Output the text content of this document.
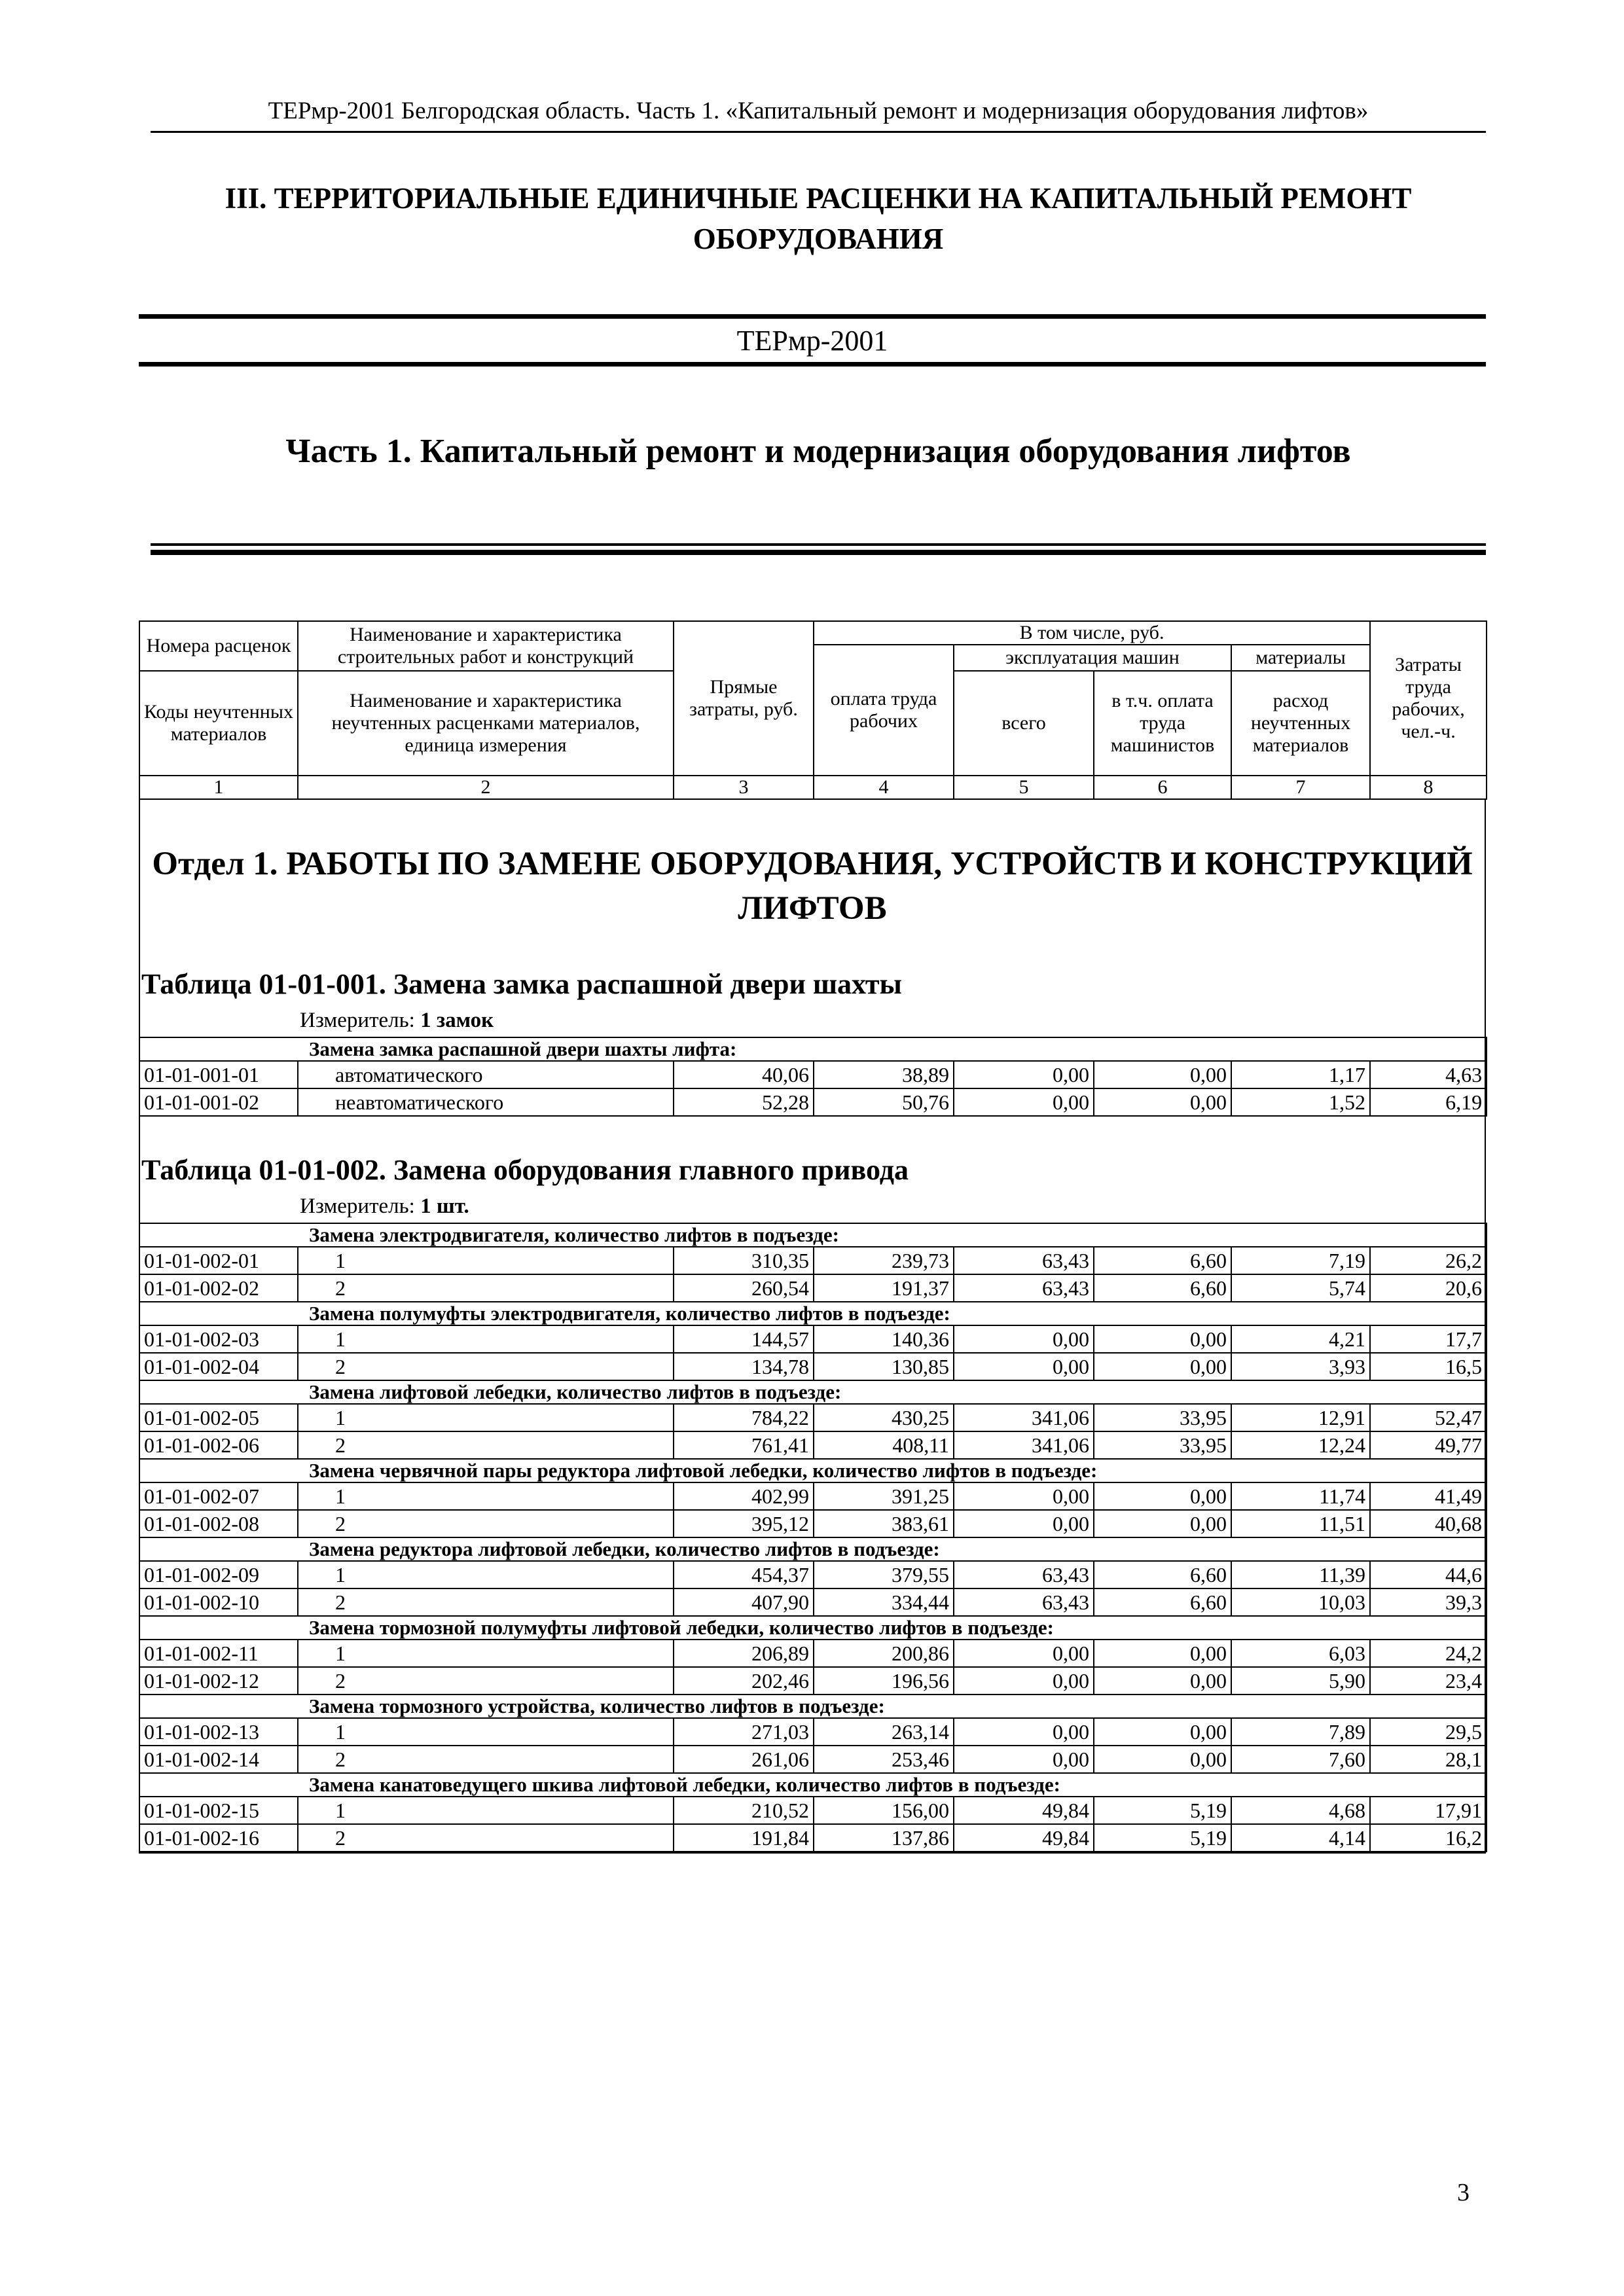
ТЕРмр-2001 Белгородская область. Часть 1. «Капитальный ремонт и модернизация оборудования лифтов»
III. ТЕРРИТОРИАЛЬНЫЕ ЕДИНИЧНЫЕ РАСЦЕНКИ НА КАПИТАЛЬНЫЙ РЕМОНТ ОБОРУДОВАНИЯ
ТЕРмр-2001
Часть 1. Капитальный ремонт и модернизация оборудования лифтов
Номера расценок	Наименование и характеристика строительных работ и конструкций	Прямые затраты, руб.	В том числе, руб.				Затраты труда рабочих, чел.-ч.
			оплата труда рабочих	эксплуатация машин		материалы	
Коды неучтенных материалов	Наименование и характеристика неучтенных расценками материалов, единица измерения			всего	в т.ч. оплата труда машинистов	расход неучтенных материалов	

1	2	3	4	5	6	7	8
Отдел 1. РАБОТЫ ПО ЗАМЕНЕ ОБОРУДОВАНИЯ, УСТРОЙСТВ И КОНСТРУКЦИЙ ЛИФТОВ
Таблица 01-01-001. Замена замка распашной двери шахты
Измеритель: 1 замок
Замена замка распашной двери шахты лифта:							
01-01-001-01	автоматического	40,06	38,89	0,00	0,00	1,17	4,63
01-01-001-02	неавтоматического	52,28	50,76	0,00	0,00	1,52	6,19
Таблица 01-01-002. Замена оборудования главного привода
Измеритель: 1 шт.
Замена электродвигателя, количество лифтов в подъезде:							
01-01-002-01	1	310,35	239,73	63,43	6,60	7,19	26,2
01-01-002-02	2	260,54	191,37	63,43	6,60	5,74	20,6
Замена полумуфты электродвигателя, количество лифтов в подъезде:							
01-01-002-03	1	144,57	140,36	0,00	0,00	4,21	17,7
01-01-002-04	2	134,78	130,85	0,00	0,00	3,93	16,5
Замена лифтовой лебедки, количество лифтов в подъезде:							
01-01-002-05	1	784,22	430,25	341,06	33,95	12,91	52,47
01-01-002-06	2	761,41	408,11	341,06	33,95	12,24	49,77
Замена червячной пары редуктора лифтовой лебедки, количество лифтов в подъезде:							
01-01-002-07	1	402,99	391,25	0,00	0,00	11,74	41,49
01-01-002-08	2	395,12	383,61	0,00	0,00	11,51	40,68
Замена редуктора лифтовой лебедки, количество лифтов в подъезде:							
01-01-002-09	1	454,37	379,55	63,43	6,60	11,39	44,6
01-01-002-10	2	407,90	334,44	63,43	6,60	10,03	39,3
Замена тормозной полумуфты лифтовой лебедки, количество лифтов в подъезде:							
01-01-002-11	1	206,89	200,86	0,00	0,00	6,03	24,2
01-01-002-12	2	202,46	196,56	0,00	0,00	5,90	23,4
Замена тормозного устройства, количество лифтов в подъезде:							
01-01-002-13	1	271,03	263,14	0,00	0,00	7,89	29,5
01-01-002-14	2	261,06	253,46	0,00	0,00	7,60	28,1
Замена канатоведущего шкива лифтовой лебедки, количество лифтов в подъезде:							
01-01-002-15	1	210,52	156,00	49,84	5,19	4,68	17,91
01-01-002-16	2	191,84	137,86	49,84	5,19	4,14	16,2
3
